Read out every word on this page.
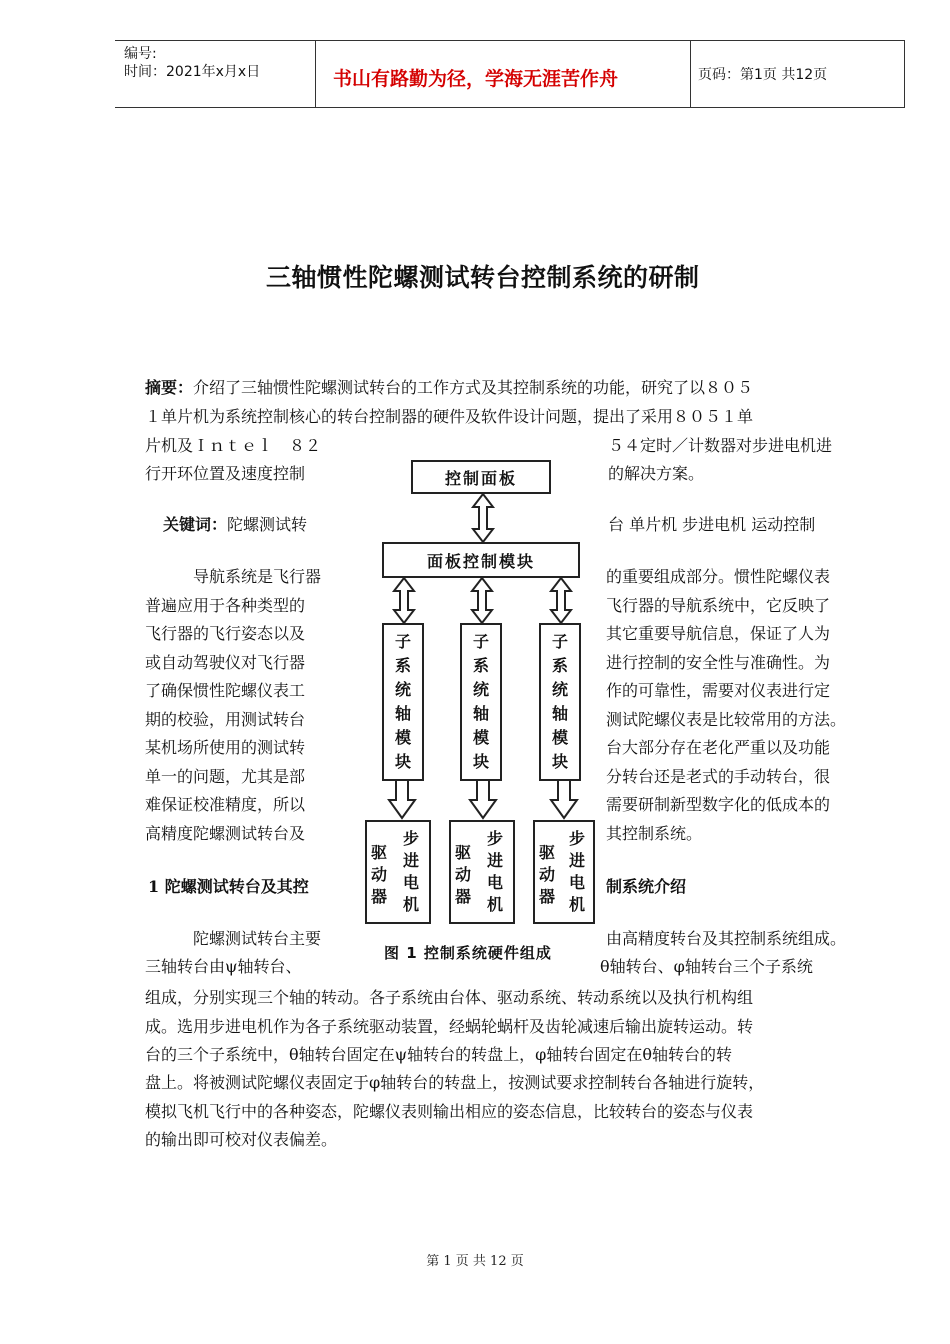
编号:
时间：2021年x月x日	书山有路勤为径，学海无涯苦作舟	页码：第1页 共12页
三轴惯性陀螺测试转台控制系统的研制
摘要：介绍了三轴惯性陀螺测试转台的工作方式及其控制系统的功能，研究了以８０５
１单片机为系统控制核心的转台控制器的硬件及软件设计问题，提出了采用８０５１单
片机及Ｉｎｔｅｌ　８２	５４定时／计数器对步进电机进
行开环位置及速度控制	的解决方案。
关键词：陀螺测试转	台 单片机 步进电机 运动控制
导航系统是飞行器
普遍应用于各种类型的
飞行器的飞行姿态以及
或自动驾驶仪对飞行器
了确保惯性陀螺仪表工
期的校验，用测试转台
某机场所使用的测试转
单一的问题，尤其是部
难保证校准精度，所以
高精度陀螺测试转台及
的重要组成部分。惯性陀螺仪表
飞行器的导航系统中，它反映了
其它重要导航信息，保证了人为
进行控制的安全性与准确性。为
作的可靠性，需要对仪表进行定
测试陀螺仪表是比较常用的方法。
台大部分存在老化严重以及功能
分转台还是老式的手动转台，很
需要研制新型数字化的低成本的
其控制系统。
1 陀螺测试转台及其控	制系统介绍
陀螺测试转台主要	由高精度转台及其控制系统组成。
三轴转台由ψ轴转台、	θ轴转台、φ轴转台三个子系统
组成，分别实现三个轴的转动。各子系统由台体、驱动系统、转动系统以及执行机构组
成。选用步进电机作为各子系统驱动装置，经蜗轮蜗杆及齿轮减速后输出旋转运动。转
台的三个子系统中，θ轴转台固定在ψ轴转台的转盘上，φ轴转台固定在θ轴转台的转
盘上。将被测试陀螺仪表固定于φ轴转台的转盘上，按测试要求控制转台各轴进行旋转，
模拟飞机飞行中的各种姿态，陀螺仪表则输出相应的姿态信息，比较转台的姿态与仪表
的输出即可校对仪表偏差。
控制面板
面板控制模块
子
系
统
轴
模
块
子
系
统
轴
模
块
子
系
统
轴
模
块
驱
动
器
步
进
电
机
驱
动
器
步
进
电
机
驱
动
器
步
进
电
机
图 1 控制系统硬件组成
第 1 页 共 12 页
